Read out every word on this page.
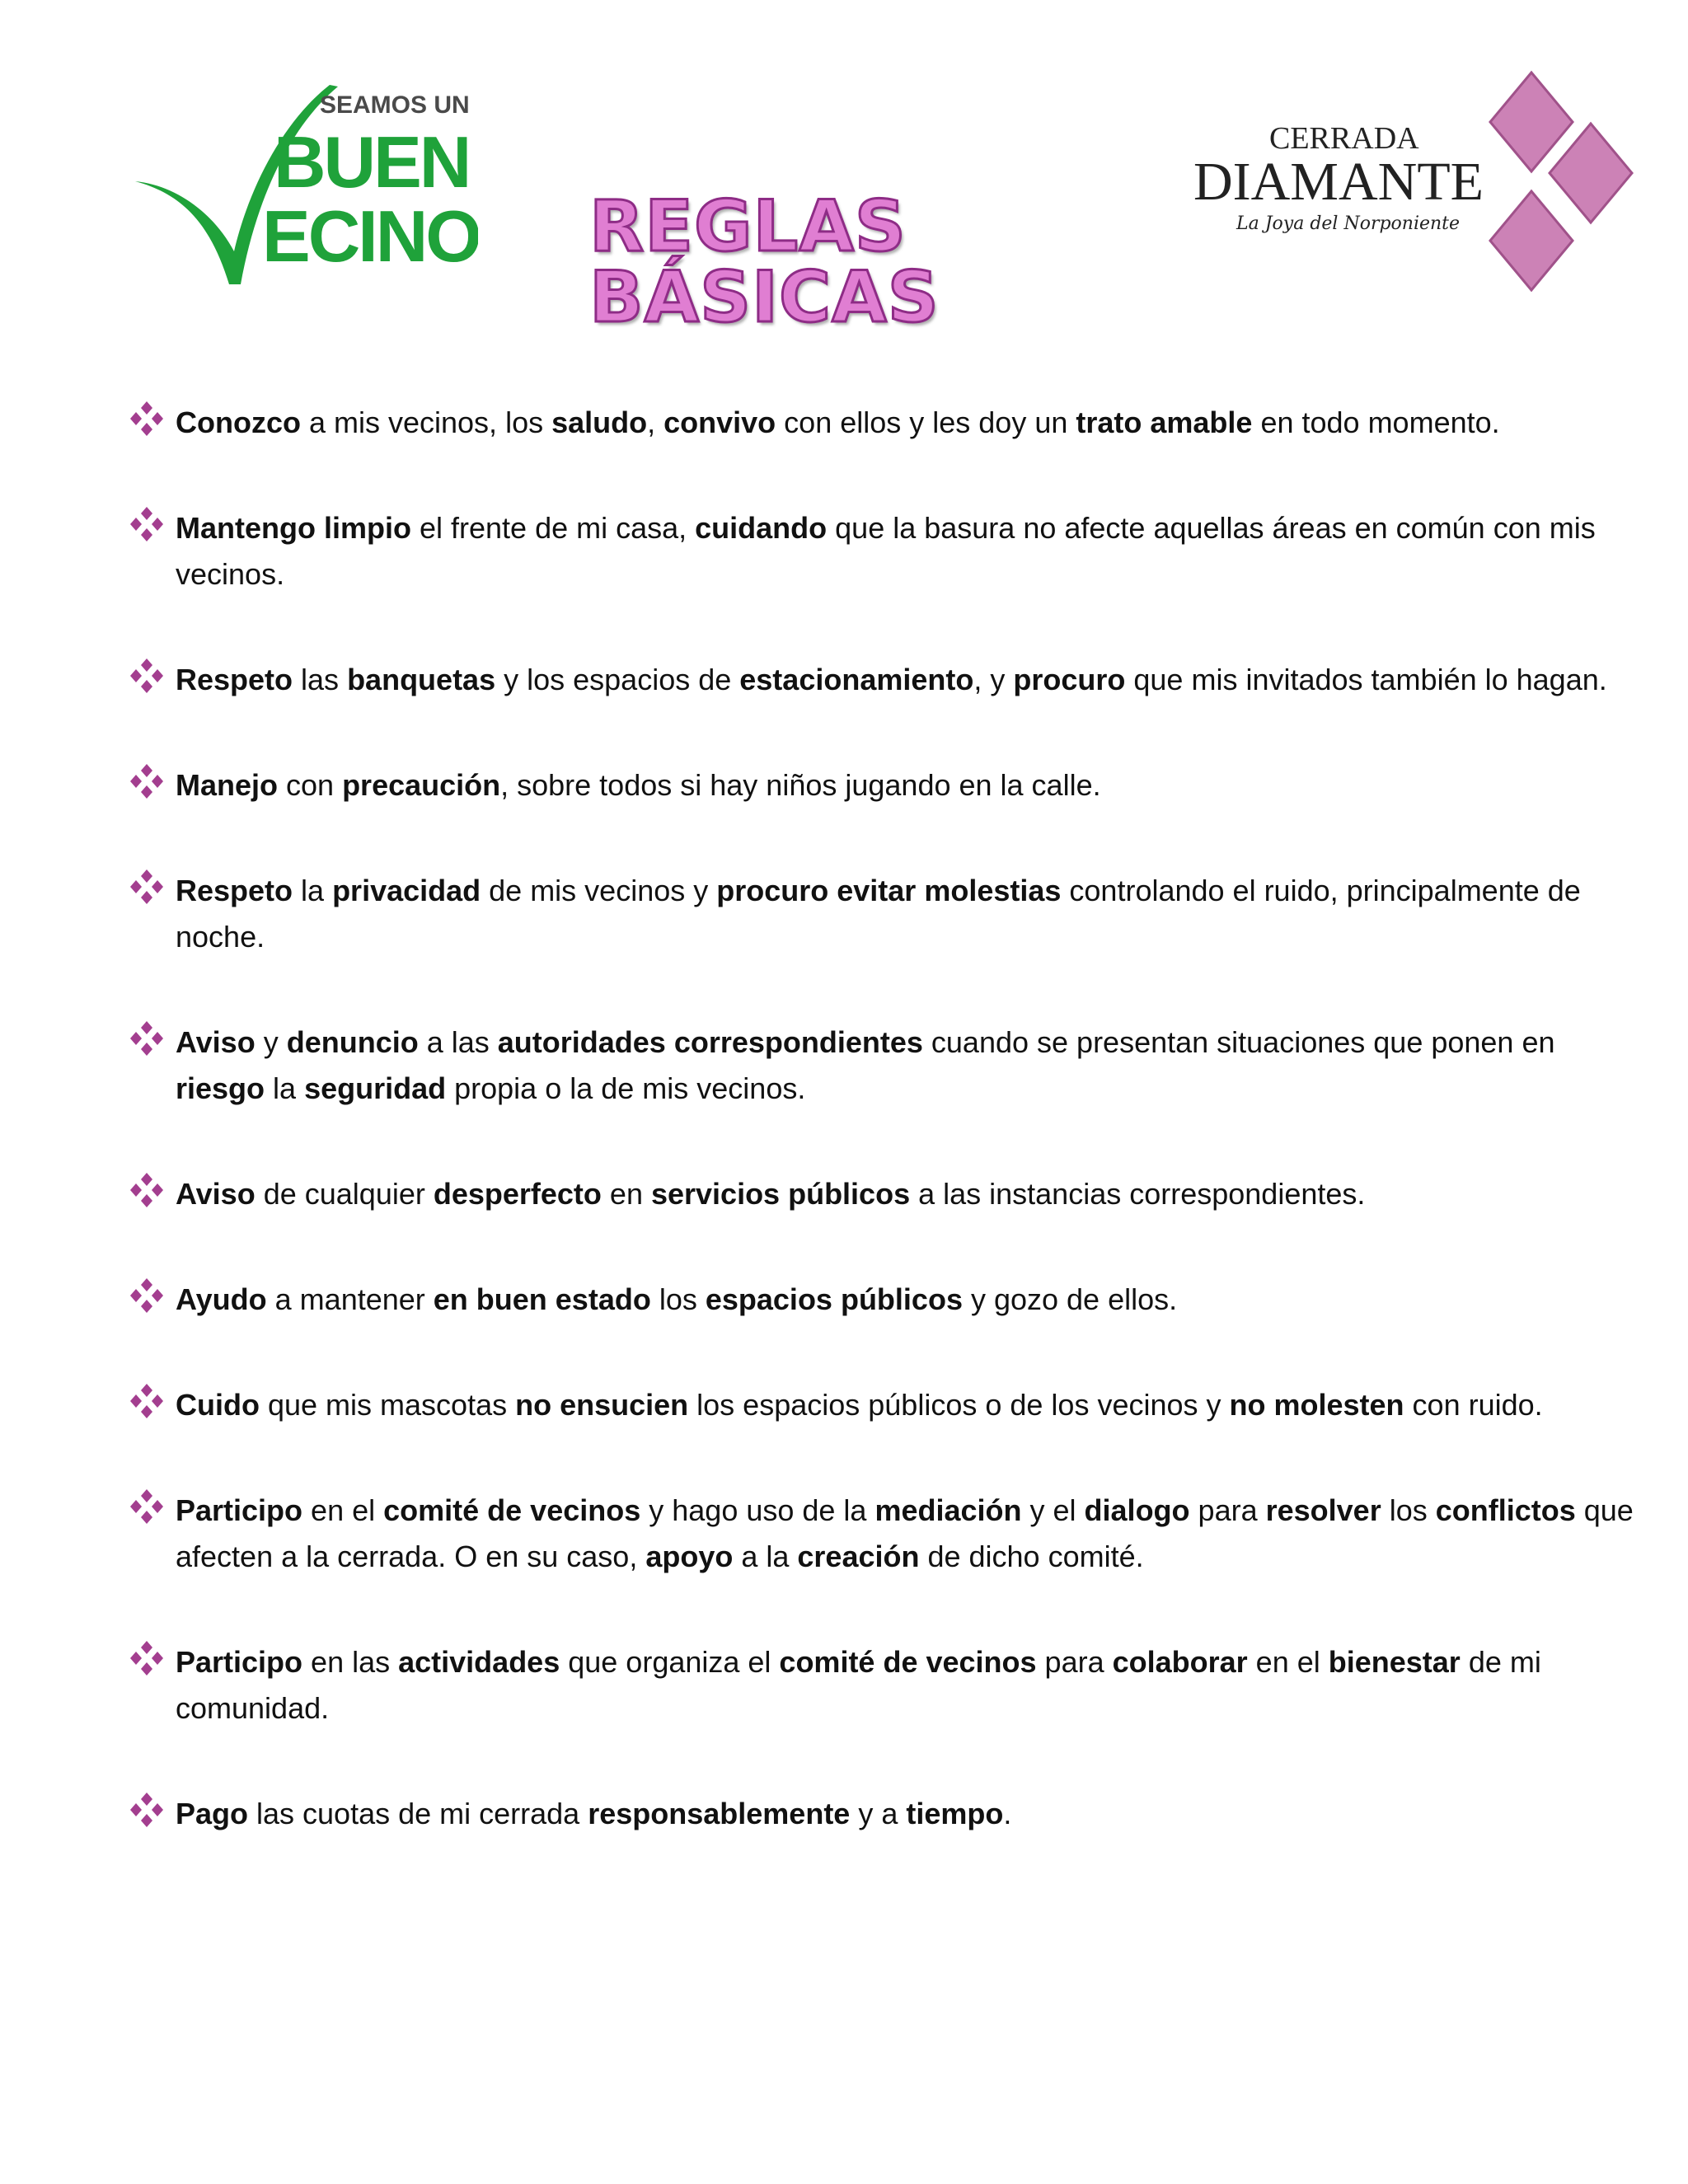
SEAMOS UN
BUEN
ECINO REGLAS BÁSICAS
CERRADA
DIAMANTE
La Joya del Norponiente
Conozco a mis vecinos, los saludo, convivo con ellos y les doy un trato amable en todo momento.
Mantengo limpio el frente de mi casa, cuidando que la basura no afecte aquellas áreas en común con mis vecinos.
Respeto las banquetas y los espacios de estacionamiento, y procuro que mis invitados también lo hagan.
Manejo con precaución, sobre todos si hay niños jugando en la calle.
Respeto la privacidad de mis vecinos y procuro evitar molestias controlando el ruido, principalmente de noche.
Aviso y denuncio a las autoridades correspondientes cuando se presentan situaciones que ponen en riesgo la seguridad propia o la de mis vecinos.
Aviso de cualquier desperfecto en servicios públicos a las instancias correspondientes.
Ayudo a mantener en buen estado los espacios públicos y gozo de ellos.
Cuido que mis mascotas no ensucien los espacios públicos o de los vecinos y no molesten con ruido.
Participo en el comité de vecinos y hago uso de la mediación y el dialogo para resolver los conflictos que afecten a la cerrada. O en su caso, apoyo a la creación de dicho comité.
Participo en las actividades que organiza el comité de vecinos para colaborar en el bienestar de mi comunidad.
Pago las cuotas de mi cerrada responsablemente y a tiempo.
